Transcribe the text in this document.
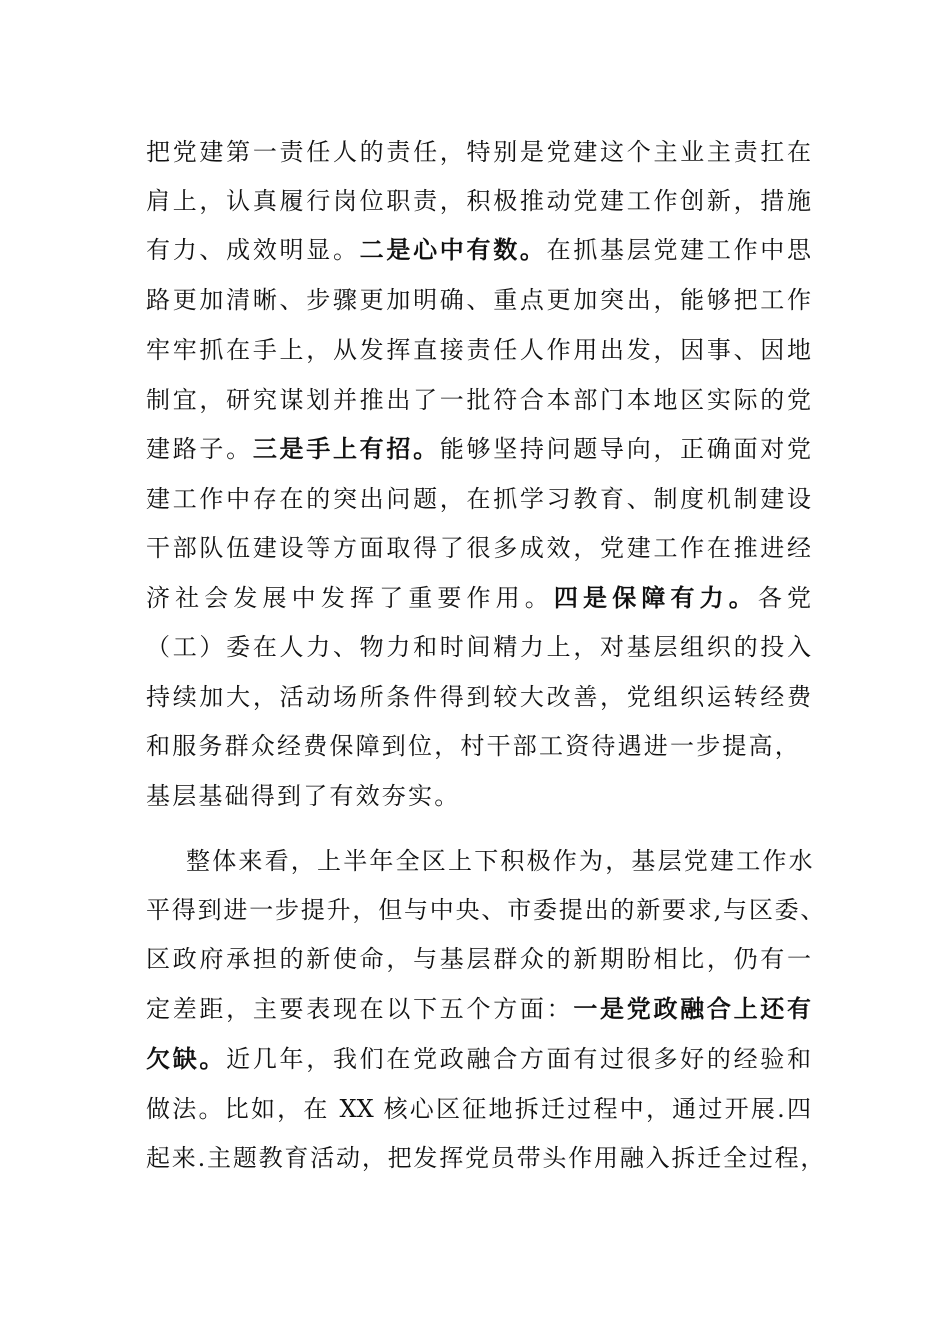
把党建第一责任人的责任，特别是党建这个主业主责扛在
肩上，认真履行岗位职责，积极推动党建工作创新，措施
有力、成效明显。二是心中有数。在抓基层党建工作中思
路更加清晰、步骤更加明确、重点更加突出，能够把工作
牢牢抓在手上，从发挥直接责任人作用出发，因事、因地
制宜，研究谋划并推出了一批符合本部门本地区实际的党
建路子。三是手上有招。能够坚持问题导向，正确面对党
建工作中存在的突出问题，在抓学习教育、制度机制建设
干部队伍建设等方面取得了很多成效，党建工作在推进经
济社会发展中发挥了重要作用。四是保障有力。各党
（工）委在人力、物力和时间精力上，对基层组织的投入
持续加大，活动场所条件得到较大改善，党组织运转经费
和服务群众经费保障到位，村干部工资待遇进一步提高，
基层基础得到了有效夯实。
整体来看，上半年全区上下积极作为，基层党建工作水
平得到进一步提升，但与中央、市委提出的新要求,与区委、
区政府承担的新使命，与基层群众的新期盼相比，仍有一
定差距，主要表现在以下五个方面：一是党政融合上还有
欠缺。近几年，我们在党政融合方面有过很多好的经验和
做法。比如，在 XX 核心区征地拆迁过程中，通过开展.四
起来.主题教育活动，把发挥党员带头作用融入拆迁全过程，
